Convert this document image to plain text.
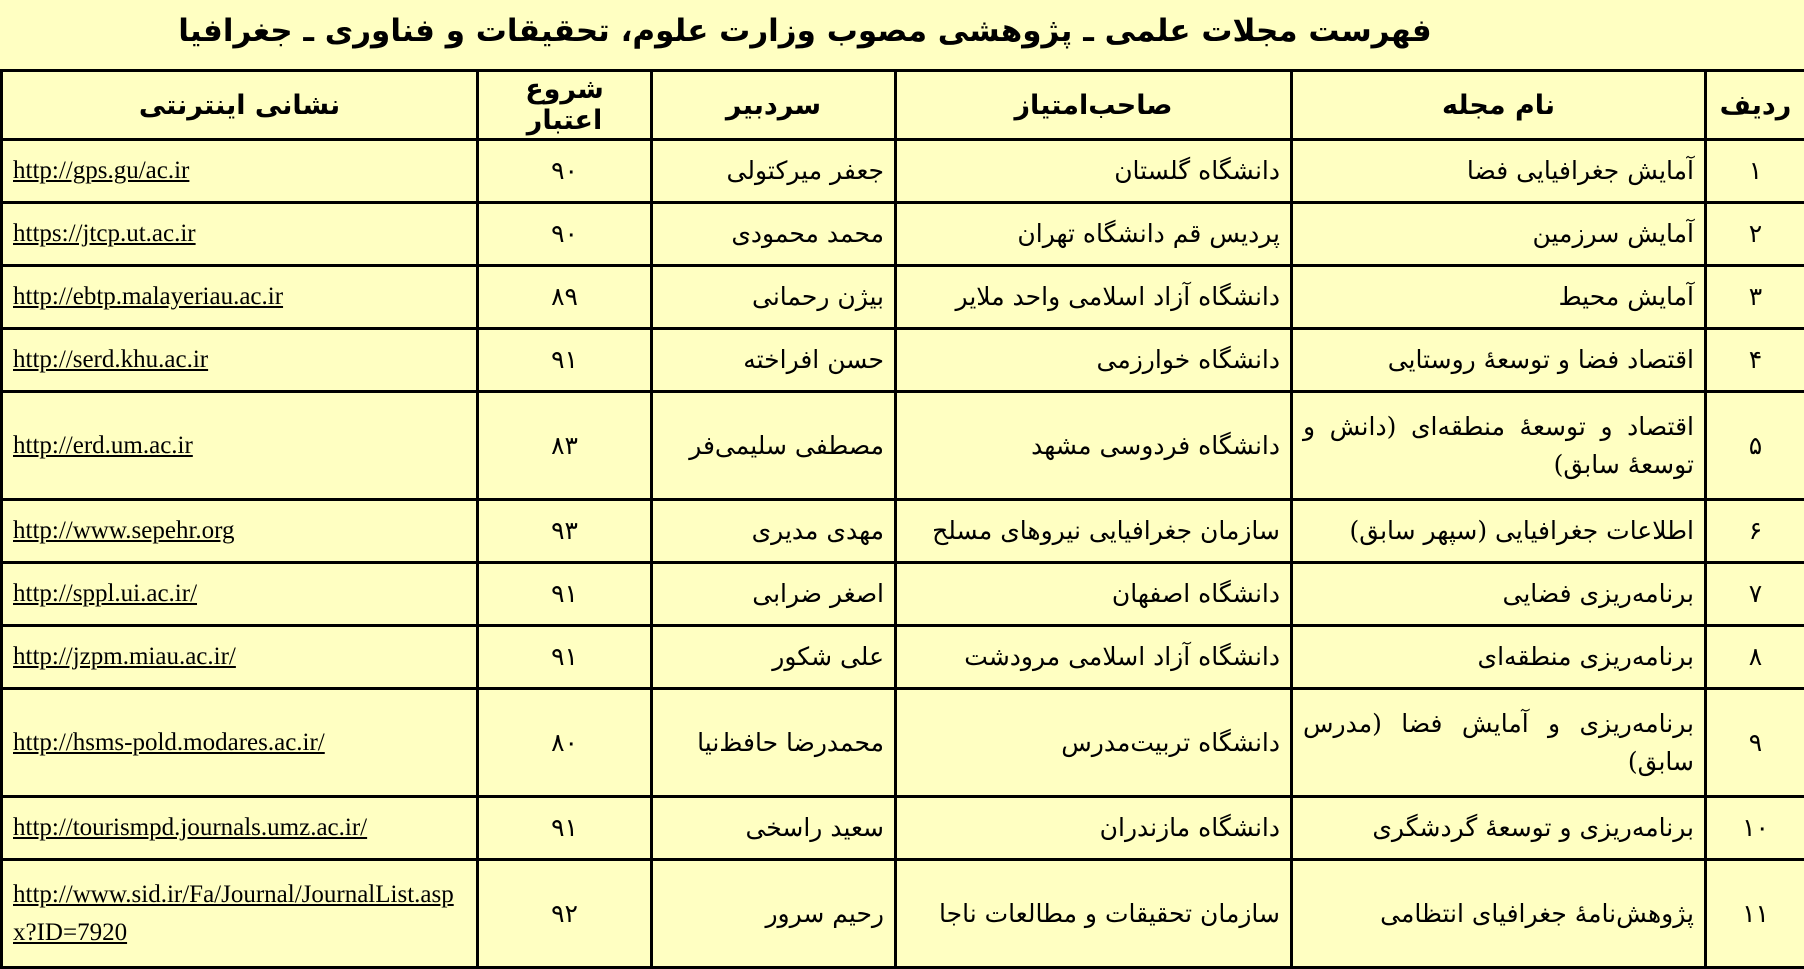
فهرست مجلات علمی ـ پژوهشی مصوب وزارت علوم، تحقیقات و فناوری ـ جغرافیا
ردیف	نام مجله	صاحب‌امتیاز	سردبیر	شروع اعتبار	نشانی اینترنتی
۱	آمایش جغرافیایی فضا	دانشگاه گلستان	جعفر میرکتولی	۹۰	http://gps.gu/ac.ir
۲	آمایش سرزمین	پردیس قم دانشگاه تهران	محمد محمودی	۹۰	https://jtcp.ut.ac.ir
۳	آمایش محیط	دانشگاه آزاد اسلامی واحد ملایر	بیژن رحمانی	۸۹	http://ebtp.malayeriau.ac.ir
۴	اقتصاد فضا و توسعۀ روستایی	دانشگاه خوارزمی	حسن افراخته	۹۱	http://serd.khu.ac.ir
۵	اقتصاد و توسعۀ منطقه‌ای (دانش و توسعۀ سابق)	دانشگاه فردوسی مشهد	مصطفی سلیمی‌فر	۸۳	http://erd.um.ac.ir
۶	اطلاعات جغرافیایی (سپهر سابق)	سازمان جغرافیایی نیروهای مسلح	مهدی مدیری	۹۳	http://www.sepehr.org
۷	برنامه‌ریزی فضایی	دانشگاه اصفهان	اصغر ضرابی	۹۱	http://sppl.ui.ac.ir/
۸	برنامه‌ریزی منطقه‌ای	دانشگاه آزاد اسلامی مرودشت	علی شکور	۹۱	http://jzpm.miau.ac.ir/
۹	برنامه‌ریزی و آمایش فضا (مدرس سابق)	دانشگاه تربیت‌مدرس	محمدرضا حافظ‌نیا	۸۰	http://hsms-pold.modares.ac.ir/
۱۰	برنامه‌ریزی و توسعۀ گردشگری	دانشگاه مازندران	سعید راسخی	۹۱	http://tourismpd.journals.umz.ac.ir/
۱۱	پژوهش‌نامۀ جغرافیای انتظامی	سازمان تحقیقات و مطالعات ناجا	رحیم سرور	۹۲	http://www.sid.ir/Fa/Journal/JournalList.aspx?ID=7920
